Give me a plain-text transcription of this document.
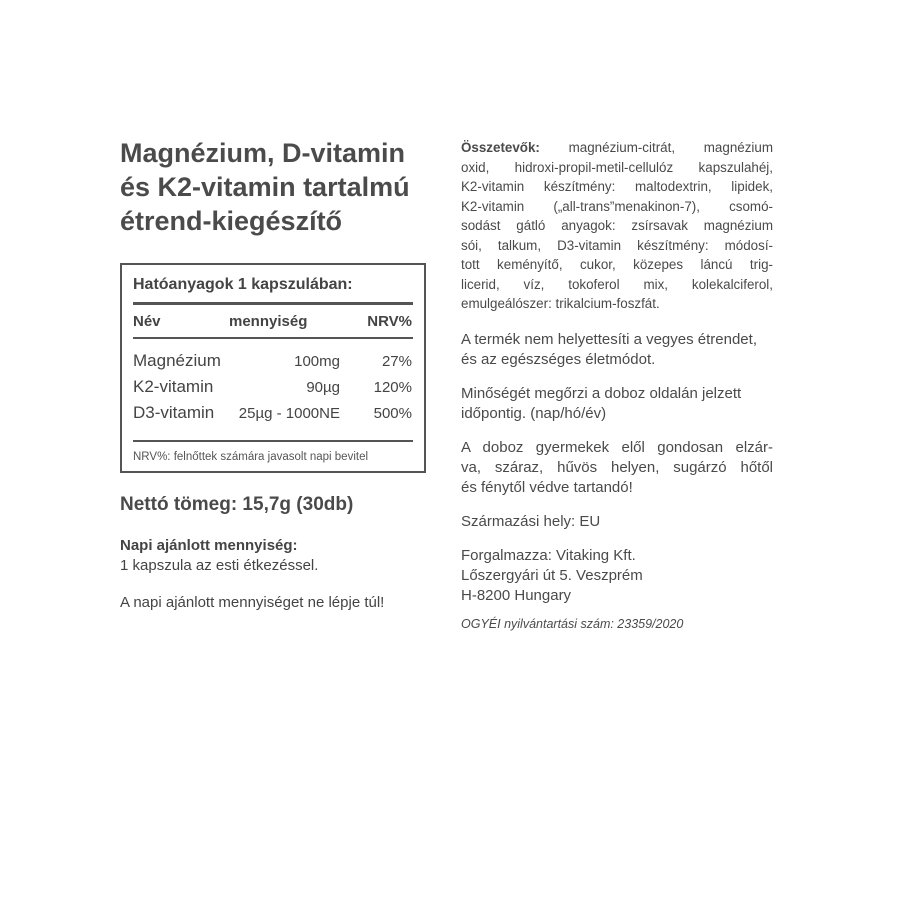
Magnézium, D-vitamin
és K2-vitamin tartalmú
étrend-kiegészítő
Hatóanyagok 1 kapszulában:
Név	mennyiség	NRV%
Magnézium	100mg	27%
K2-vitamin	90µg 120%
D3-vitamin 25µg - 1000NE 500%
NRV%: felnőttek számára javasolt napi bevitel
Nettó tömeg: 15,7g (30db)
Napi ajánlott mennyiség:
1 kapszula az esti étkezéssel.
A napi ajánlott mennyiséget ne lépje túl!

Összetevők: magnézium-citrát, magnézium
oxid, hidroxi-propil-metil-cellulóz kapszulahéj,
K2-vitamin készítmény: maltodextrin, lipidek,
K2-vitamin („all-trans”menakinon-7), csomó-
sodást gátló anyagok: zsírsavak magnézium
sói, talkum, D3-vitamin készítmény: módosí-
tott keményítő, cukor, közepes láncú trig-
licerid, víz, tokoferol mix, kolekalciferol,
emulgeálószer: trikalcium-foszfát.

A termék nem helyettesíti a vegyes étrendet,
és az egészséges életmódot.

Minőségét megőrzi a doboz oldalán jelzett
időpontig. (nap/hó/év)

A doboz gyermekek elől gondosan elzár-
va, száraz, hűvös helyen, sugárzó hőtől
és fénytől védve tartandó!

Származási hely: EU

Forgalmazza: Vitaking Kft.
Lőszergyári út 5. Veszprém
H-8200 Hungary

OGYÉI nyilvántartási szám: 23359/2020
